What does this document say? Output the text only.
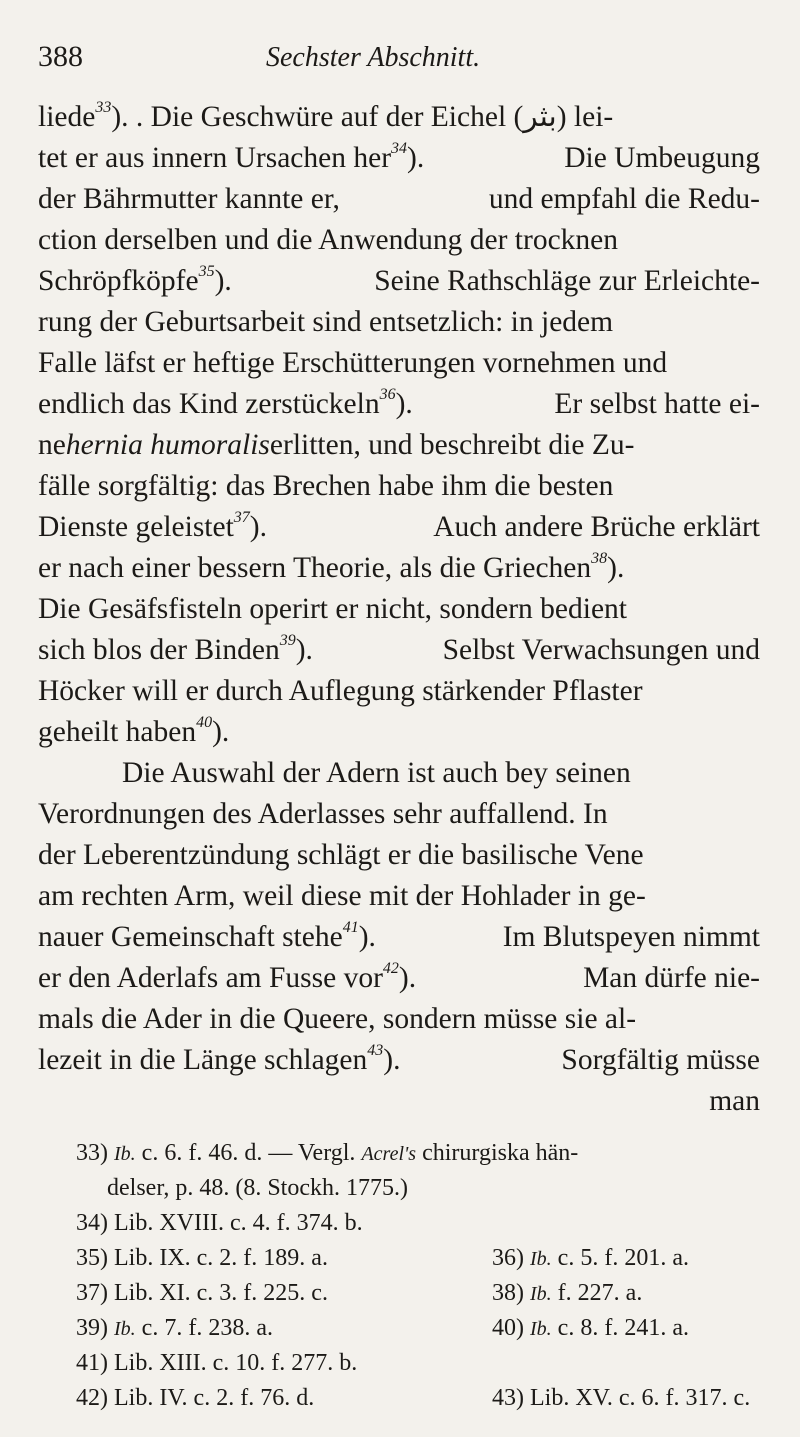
388	Sechster Abschnitt.
liede$^{33}$). . Die Geschwüre auf der Eichel (بثر) lei-
tet er aus innern Ursachen her$^{34}$).	Die Umbeugung
der Bährmutter kannte er,	und empfahl die Redu-
ction derselben und die Anwendung der trocknen
Schröpfköpfe$^{35}$).	Seine Rathschläge zur Erleichte-
rung der Geburtsarbeit sind entsetzlich: in jedem
Falle läfst er heftige Erschütterungen vornehmen und
endlich das Kind zerstückeln$^{36}$).	Er selbst hatte ei-
nehernia humoraliserlitten, und beschreibt die Zu-
fälle sorgfältig: das Brechen habe ihm die besten
Dienste geleistet$^{37}$).	Auch andere Brüche erklärt
er nach einer bessern Theorie, als die Griechen$^{38}$).
Die Gesäfsfisteln operirt er nicht, sondern bedient
sich blos der Binden$^{39}$).	Selbst Verwachsungen und
Höcker will er durch Auflegung stärkender Pflaster
geheilt haben$^{40}$).
Die Auswahl der Adern ist auch bey seinen
Verordnungen des Aderlasses sehr auffallend. In
der Leberentzündung schlägt er die basilische Vene
am rechten Arm, weil diese mit der Hohlader in ge-
nauer Gemeinschaft stehe$^{41}$).	Im Blutspeyen nimmt
er den Aderlafs am Fusse vor$^{42}$).	Man dürfe nie-
mals die Ader in die Queere, sondern müsse sie al-
lezeit in die Länge schlagen$^{43}$).	Sorgfältig müsse
man
33) Ib. c. 6. f. 46. d. — Vergl. Acrel's chirurgiska hän-
delser, p. 48. (8. Stockh. 1775.)
34) Lib. XVIII. c. 4. f. 374. b.
35) Lib. IX. c. 2. f. 189. a.	36) Ib. c. 5. f. 201. a.
37) Lib. XI. c. 3. f. 225. c.	38) Ib. f. 227. a.
39) Ib. c. 7. f. 238. a.	40) Ib. c. 8. f. 241. a.
41) Lib. XIII. c. 10. f. 277. b.
42) Lib. IV. c. 2. f. 76. d.	43) Lib. XV. c. 6. f. 317. c.
